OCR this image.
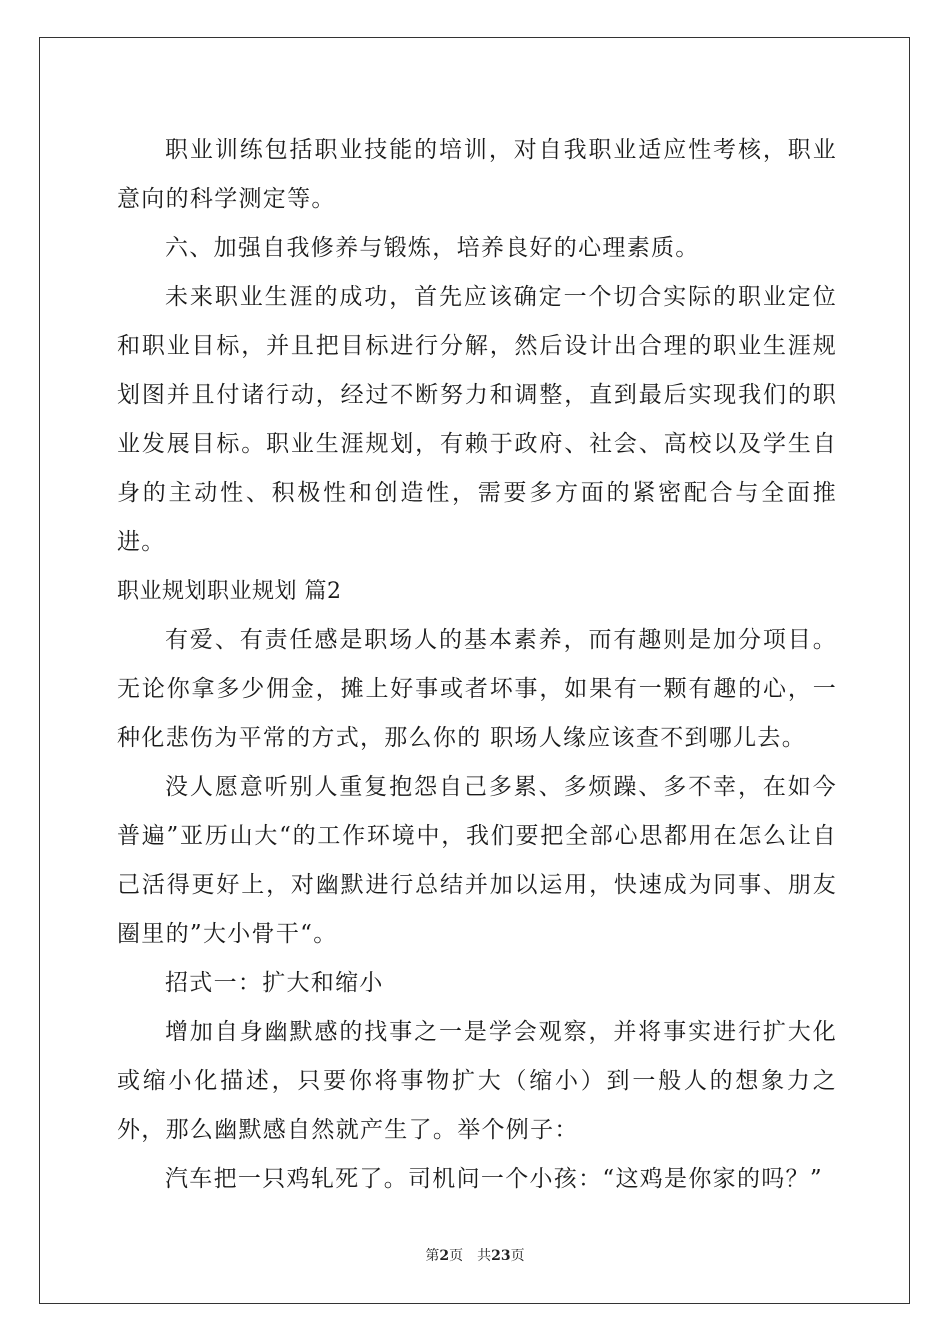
职业训练包括职业技能的培训，对自我职业适应性考核，职业意向的科学测定等。

六、加强自我修养与锻炼，培养良好的心理素质。

未来职业生涯的成功，首先应该确定一个切合实际的职业定位和职业目标，并且把目标进行分解，然后设计出合理的职业生涯规划图并且付诸行动，经过不断努力和调整，直到最后实现我们的职业发展目标。职业生涯规划，有赖于政府、社会、高校以及学生自身的主动性、积极性和创造性，需要多方面的紧密配合与全面推进。

职业规划职业规划 篇2

有爱、有责任感是职场人的基本素养，而有趣则是加分项目。无论你拿多少佣金，摊上好事或者坏事，如果有一颗有趣的心，一种化悲伤为平常的方式，那么你的 职场人缘应该查不到哪儿去。

没人愿意听别人重复抱怨自己多累、多烦躁、多不幸，在如今普遍”亚历山大“的工作环境中，我们要把全部心思都用在怎么让自己活得更好上，对幽默进行总结并加以运用，快速成为同事、朋友圈里的”大小骨干“。

招式一：扩大和缩小

增加自身幽默感的找事之一是学会观察，并将事实进行扩大化或缩小化描述，只要你将事物扩大（缩小）到一般人的想象力之外，那么幽默感自然就产生了。举个例子：

汽车把一只鸡轧死了。司机问一个小孩：“这鸡是你家的吗？”

第2页　共23页
